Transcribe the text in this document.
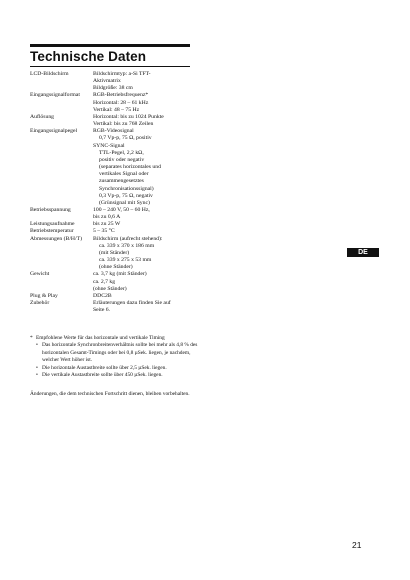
Technische Daten
LCD-Bildschirm	Bildschirmtyp: a-Si TFT-
Aktivmatrix
Bildgröße: 38 cm
Eingangssignalformat	RGB-Betriebsfrequenz*
Horizontal: 28 – 61 kHz
Vertikal: 48 – 75 Hz
Auflösung	Horizontal: bis zu 1024 Punkte
Vertikal: bis zu 768 Zeilen
Eingangssignalpegel	RGB-Videosignal
0,7 Vp-p, 75 Ω, positiv
SYNC-Signal
TTL-Pegel, 2,2 kΩ,
positiv oder negativ
(separates horizontales und
vertikales Signal oder
zusammengesetztes
Synchronisationssignal)
0,3 Vp-p, 75 Ω, negativ
(Grünsignal mit Sync)
Betriebsspannung	100 – 240 V, 50 – 60 Hz,
bis zu 0,6 A
Leistungsaufnahme	bis zu 25 W
Betriebstemperatur	5 – 35 °C
Abmessungen (B/H/T)	Bildschirm (aufrecht stehend):
ca. 339 x 370 x 186 mm
(mit Ständer)
ca. 339 x 275 x 53 mm
(ohne Ständer)
Gewicht	ca. 3,7 kg (mit Ständer)
ca. 2,7 kg
(ohne Ständer)
Plug & Play	DDC2B
Zubehör	Erläuterungen dazu finden Sie auf
Seite 6.
DE
* Empfohlene Werte für das horizontale und vertikale Timing
• Das horizontale Synchronbreitenverhältnis sollte bei mehr als 4,8 % des horizontalen Gesamt-Timings oder bei 0,8 µSek. liegen, je nachdem, welcher Wert höher ist.
• Die horizontale Austastbreite sollte über 2,5 µSek. liegen.
• Die vertikale Austastbreite sollte über 450 µSek. liegen.
Änderungen, die dem technischen Fortschritt dienen, bleiben vorbehalten.
21
